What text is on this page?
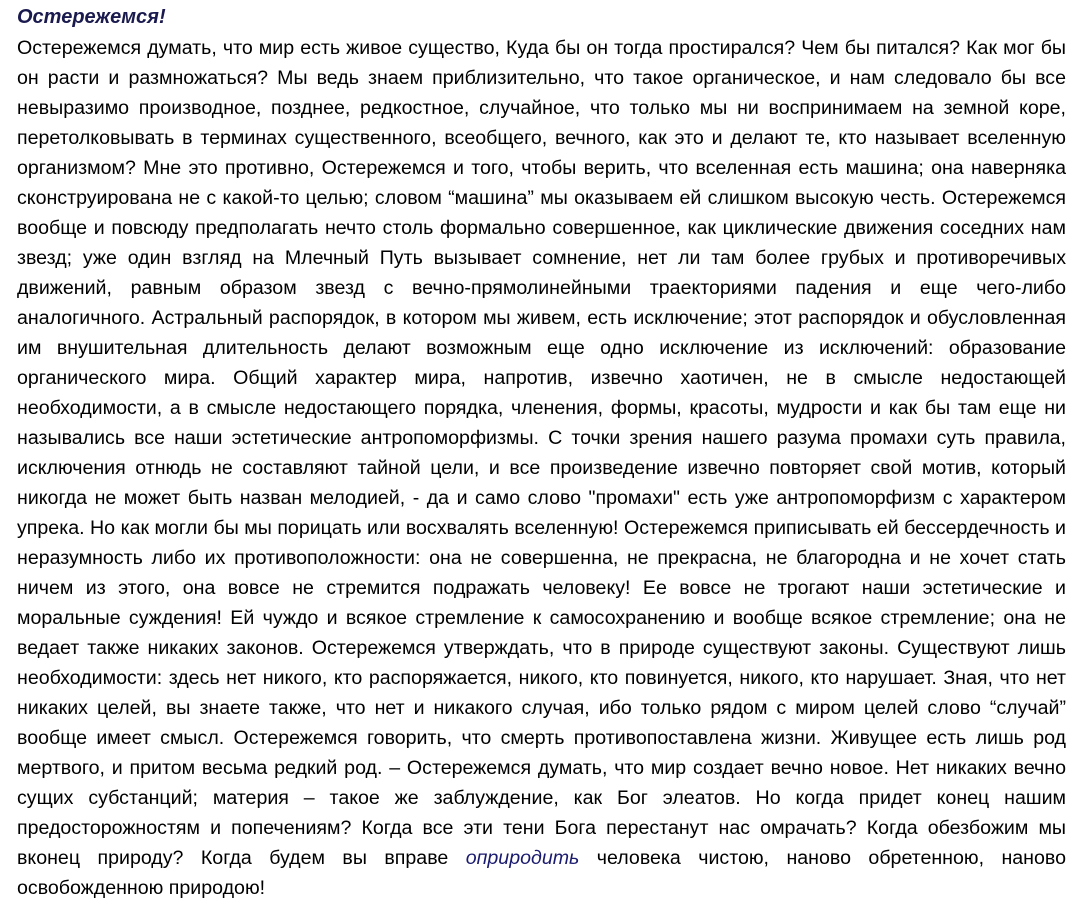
Остережемся!

Остережемся думать, что мир есть живое существо, Куда бы он тогда простирался? Чем бы питался? Как мог бы он расти и размножаться? Мы ведь знаем приблизительно, что такое органическое, и нам следовало бы все невыразимо производное, позднее, редкостное, случайное, что только мы ни воспринимаем на земной коре, перетолковывать в терминах существенного, всеобщего, вечного, как это и делают те, кто называет вселенную организмом? Мне это противно, Остережемся и того, чтобы верить, что вселенная есть машина; она наверняка сконструирована не с какой-то целью; словом “машина” мы оказываем ей слишком высокую честь. Остережемся вообще и повсюду предполагать нечто столь формально совершенное, как циклические движения соседних нам звезд; уже один взгляд на Млечный Путь вызывает сомнение, нет ли там более грубых и противоречивых движений, равным образом звезд с вечно-прямолинейными траекториями падения и еще чего-либо аналогичного. Астральный распорядок, в котором мы живем, есть исключение; этот распорядок и обусловленная им внушительная длительность делают возможным еще одно исключение из исключений: образование органического мира. Общий характер мира, напротив, извечно хаотичен, не в смысле недостающей необходимости, а в смысле недостающего порядка, членения, формы, красоты, мудрости и как бы там еще ни назывались все наши эстетические антропоморфизмы. С точки зрения нашего разума промахи суть правила, исключения отнюдь не составляют тайной цели, и все произведение извечно повторяет свой мотив, который никогда не может быть назван мелодией, - да и само слово "промахи" есть уже антропоморфизм с характером упрека. Но как могли бы мы порицать или восхвалять вселенную! Остережемся приписывать ей бессердечность и неразумность либо их противоположности: она не совершенна, не прекрасна, не благородна и не хочет стать ничем из этого, она вовсе не стремится подражать человеку! Ее вовсе не трогают наши эстетические и моральные суждения! Ей чуждо и всякое стремление к самосохранению и вообще всякое стремление; она не ведает также никаких законов. Остережемся утверждать, что в природе существуют законы. Существуют лишь необходимости: здесь нет никого, кто распоряжается, никого, кто повинуется, никого, кто нарушает. Зная, что нет никаких целей, вы знаете также, что нет и никакого случая, ибо только рядом с миром целей слово “случай” вообще имеет смысл. Остережемся говорить, что смерть противопоставлена жизни. Живущее есть лишь род мертвого, и притом весьма редкий род. – Остережемся думать, что мир создает вечно новое. Нет никаких вечно сущих субстанций; материя – такое же заблуждение, как Бог элеатов. Но когда придет конец нашим предосторожностям и попечениям? Когда все эти тени Бога перестанут нас омрачать? Когда обезбожим мы вконец природу? Когда будем вы вправе оприродить человека чистою, наново обретенною, наново освобожденною природою!
